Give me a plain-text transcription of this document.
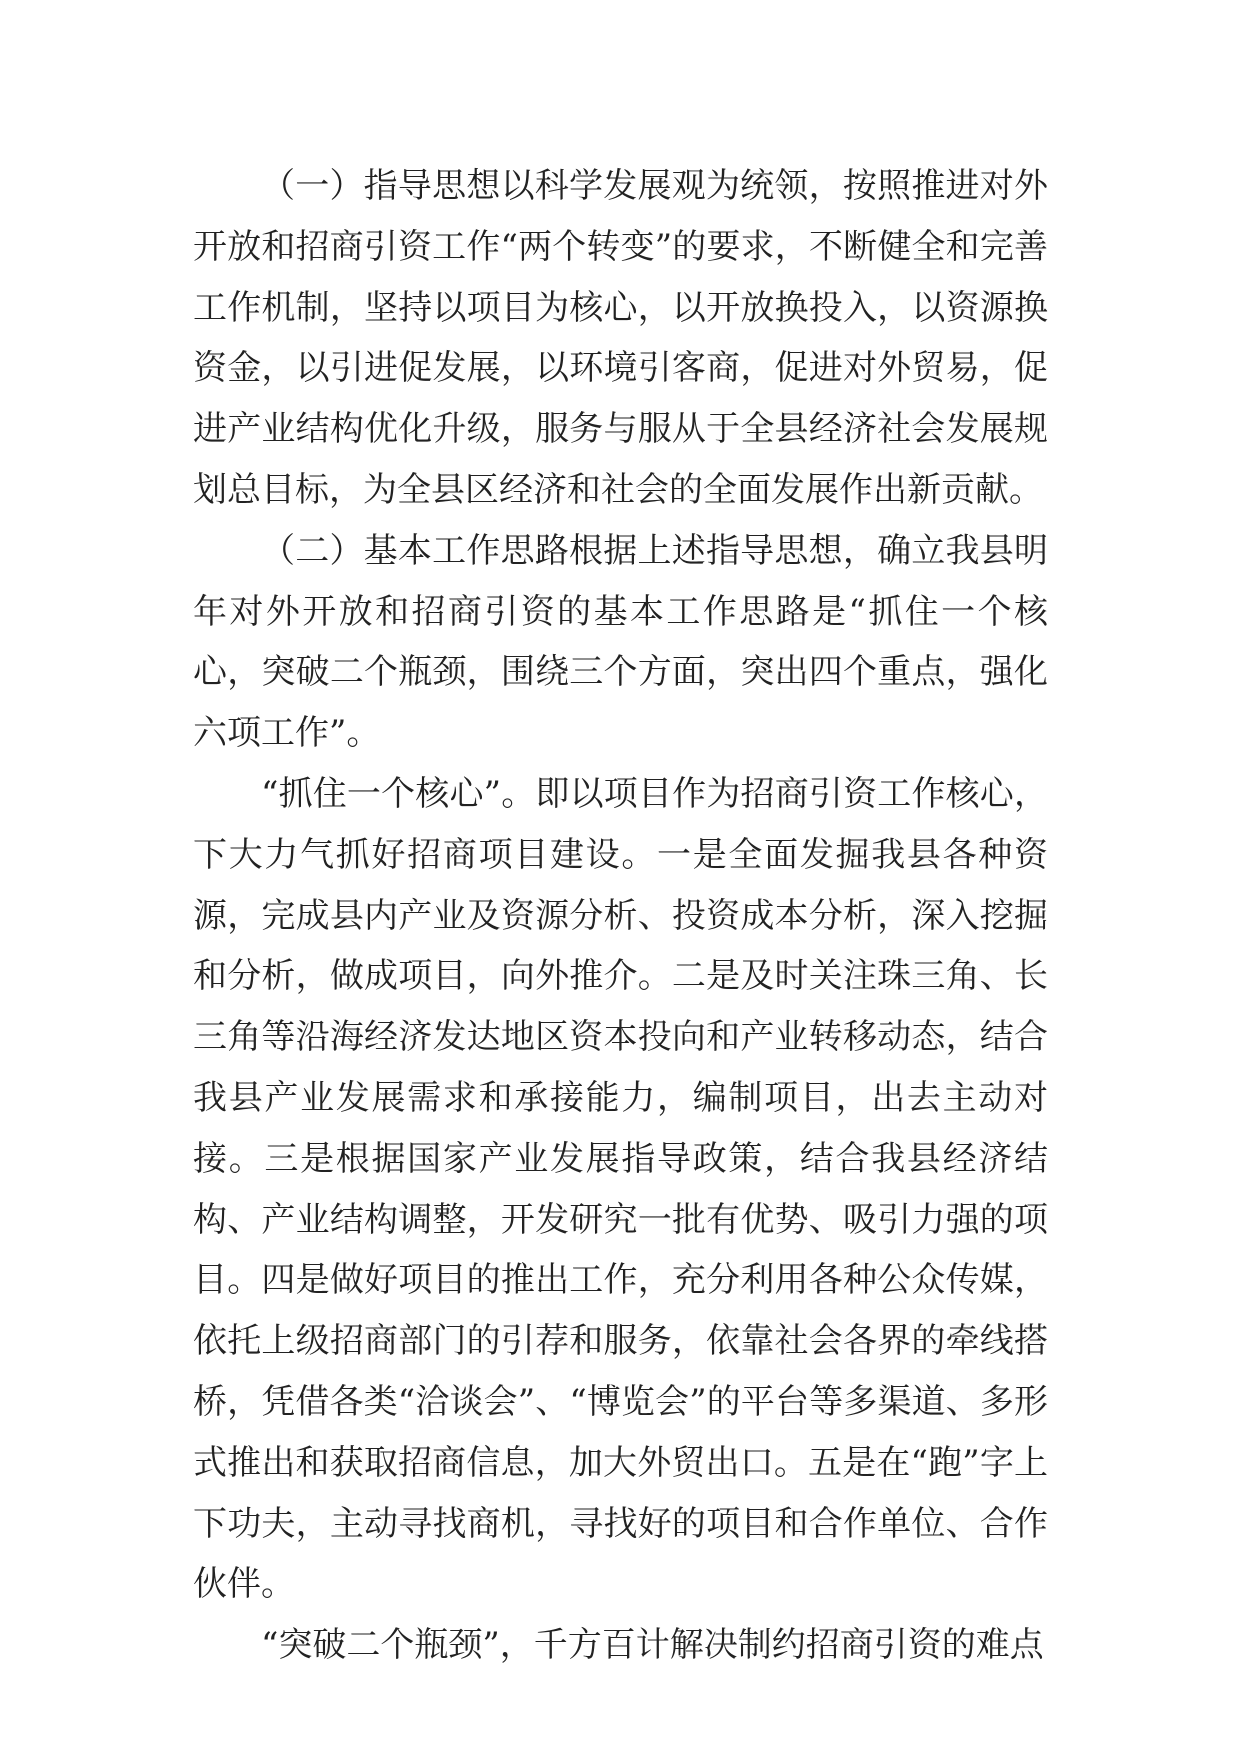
（一）指导思想以科学发展观为统领，按照推进对外开放和招商引资工作“两个转变”的要求，不断健全和完善工作机制，坚持以项目为核心，以开放换投入，以资源换资金，以引进促发展，以环境引客商，促进对外贸易，促进产业结构优化升级，服务与服从于全县经济社会发展规划总目标，为全县区经济和社会的全面发展作出新贡献。

（二）基本工作思路根据上述指导思想，确立我县明年对外开放和招商引资的基本工作思路是“抓住一个核心，突破二个瓶颈，围绕三个方面，突出四个重点，强化六项工作”。

“抓住一个核心”。即以项目作为招商引资工作核心，下大力气抓好招商项目建设。一是全面发掘我县各种资源，完成县内产业及资源分析、投资成本分析，深入挖掘和分析，做成项目，向外推介。二是及时关注珠三角、长三角等沿海经济发达地区资本投向和产业转移动态，结合我县产业发展需求和承接能力，编制项目，出去主动对接。三是根据国家产业发展指导政策，结合我县经济结构、产业结构调整，开发研究一批有优势、吸引力强的项目。四是做好项目的推出工作，充分利用各种公众传媒，依托上级招商部门的引荐和服务，依靠社会各界的牵线搭桥，凭借各类“洽谈会”、“博览会”的平台等多渠道、多形式推出和获取招商信息，加大外贸出口。五是在“跑”字上下功夫，主动寻找商机，寻找好的项目和合作单位、合作伙伴。

“突破二个瓶颈”，千方百计解决制约招商引资的难点
